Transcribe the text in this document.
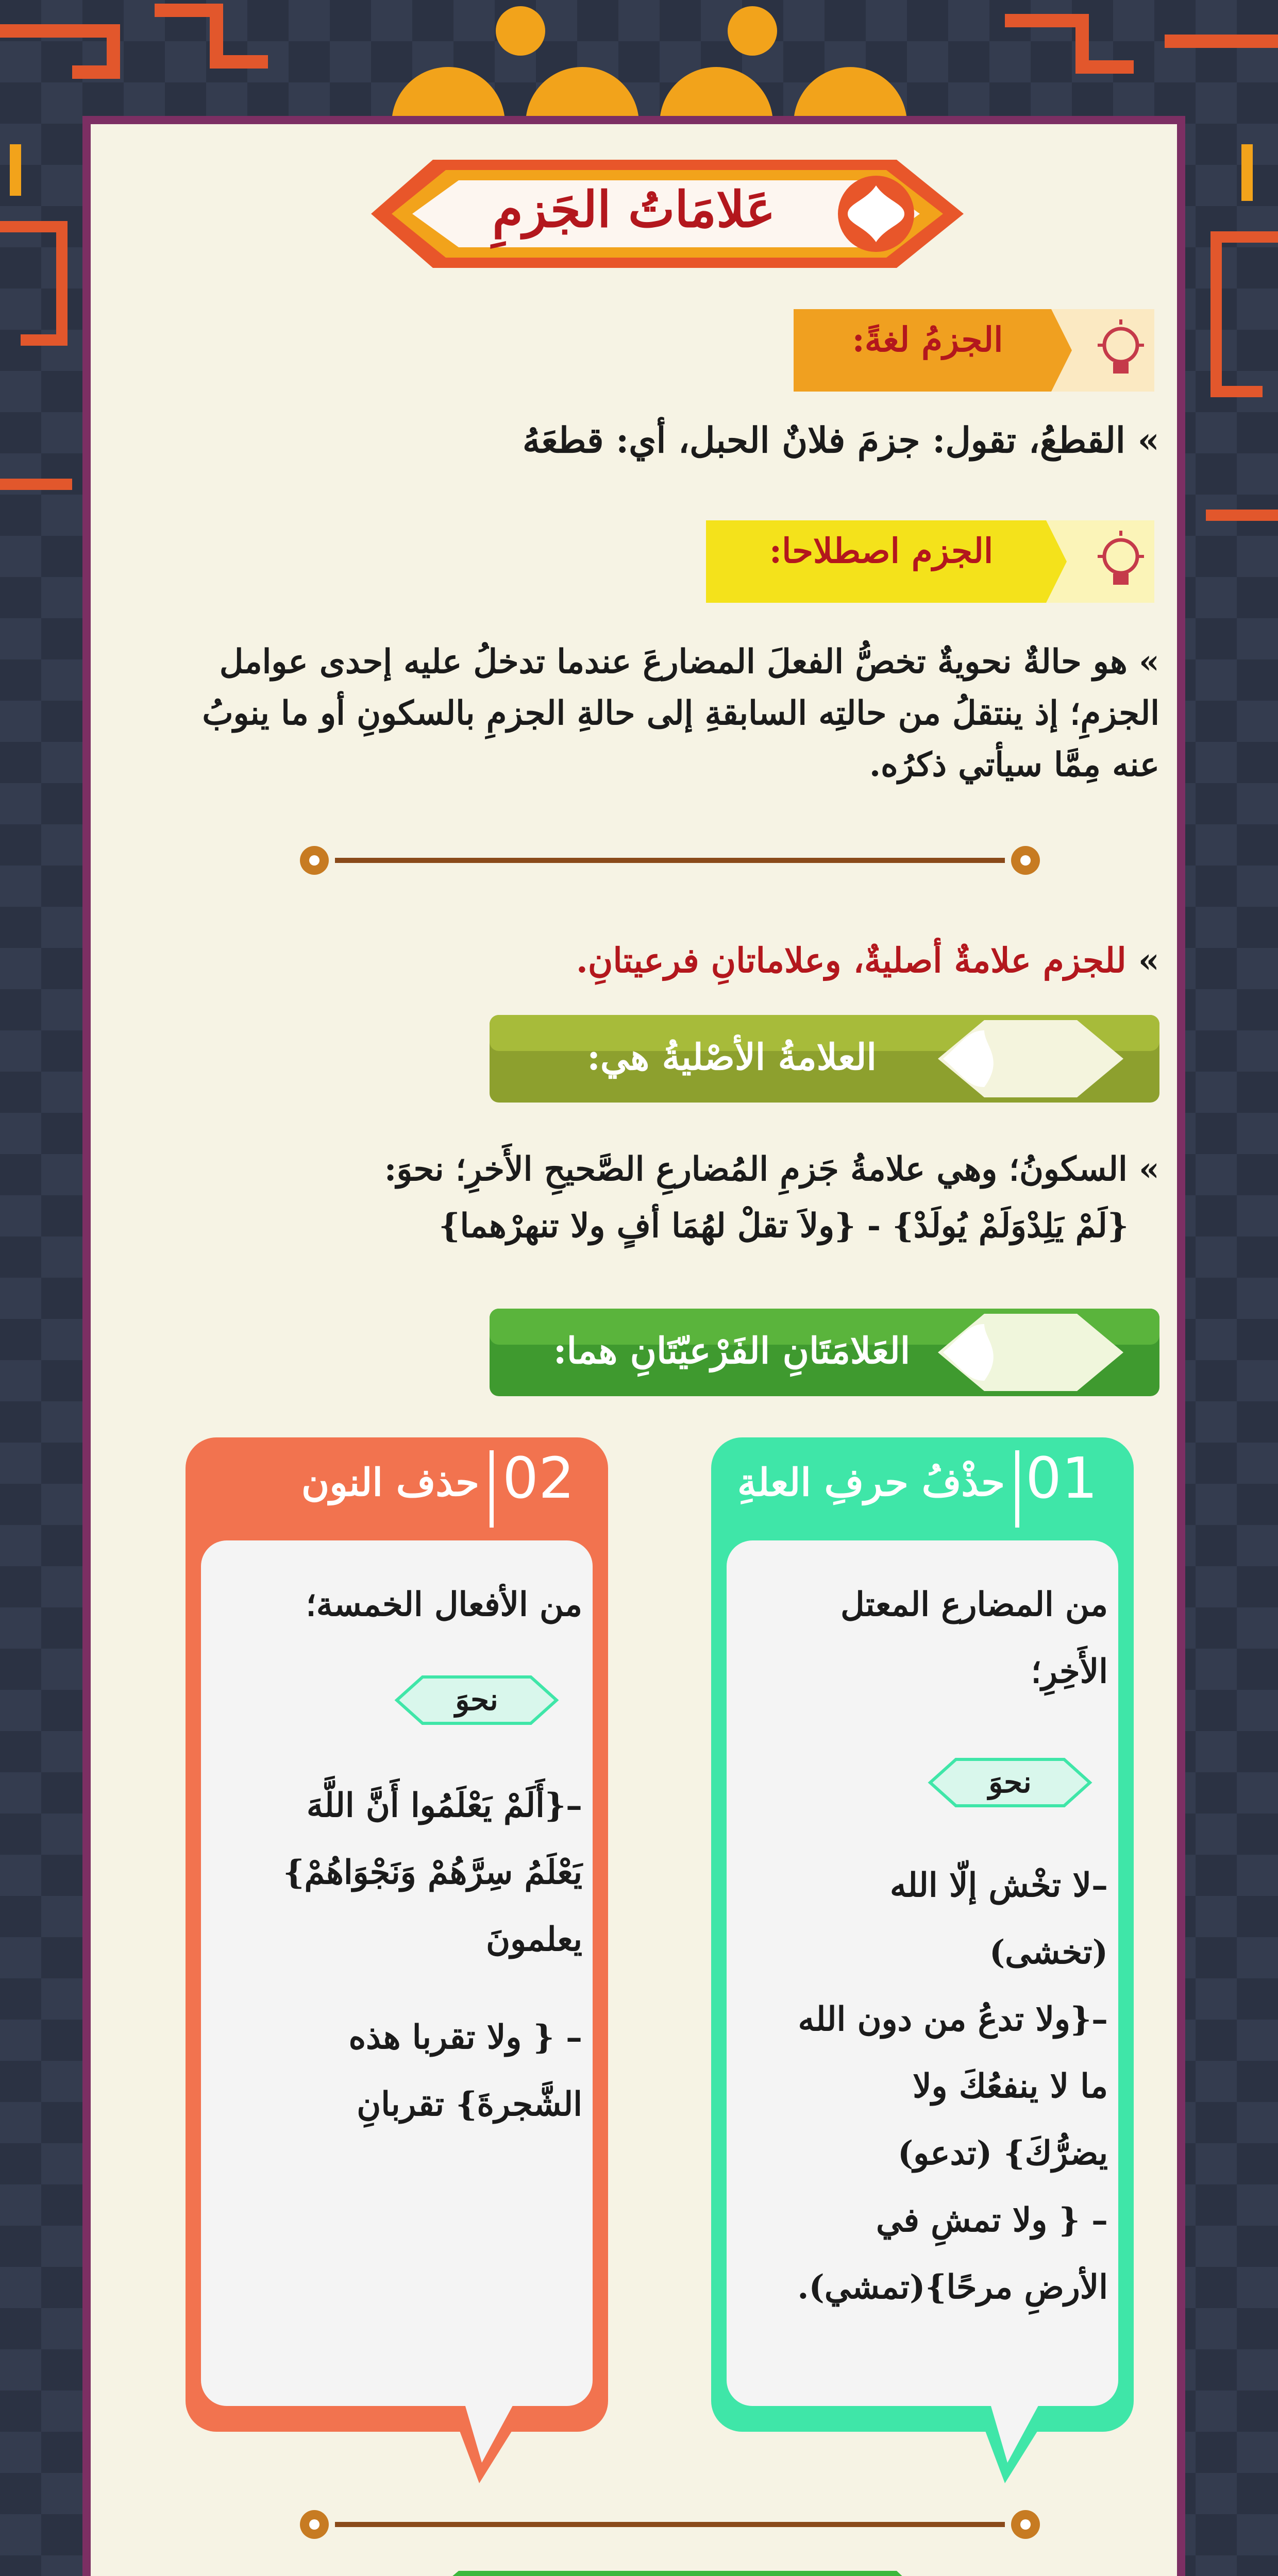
عَلامَاتُ الجَزمِ
الجزمُ لغةً:
» القطعُ، تقول: جزمَ فلانٌ الحبل، أي: قطعَهُ
الجزم اصطلاحا:
» هو حالةٌ نحويةٌ تخصُّ الفعلَ المضارعَ عندما تدخلُ عليه إحدى عوامل
الجزمِ؛ إذ ينتقلُ من حالتِه السابقةِ إلى حالةِ الجزمِ بالسكونِ أو ما ينوبُ
عنه مِمَّا سيأتي ذكرُه.
» للجزم علامةٌ أصليةٌ، وعلاماتانِ فرعيتانِ.
العلامةُ الأصْليةُ هي:
» السكونُ؛ وهي علامةُ جَزمِ المُضارعِ الصَّحيحِ الأَخرِ؛ نحوَ:
{لَمْ يَلِدْوَلَمْ يُولَدْ} - {ولاَ تقلْ لهُمَا أفٍ ولا تنهرْهما}
العَلامَتَانِ الفَرْعيّتَانِ هما:
01
حذْفُ حرفِ العلةِ
من المضارع المعتل
الأَخِرِ؛
نحوَ
–لا تخْش إلّا الله
(تخشى)
–{ولا تدعُ من دون الله
ما لا ينفعُكَ ولا
يضرُّكَ} (تدعو)
– { ولا تمشِ في
الأرضِ مرحًا}(تمشي).
02
حذف النون
من الأفعال الخمسة؛
نحوَ
–{أَلَمْ يَعْلَمُوا أَنَّ اللَّهَ
يَعْلَمُ سِرَّهُمْ وَنَجْوَاهُمْ}
يعلمونَ
– { ولا تقربا هذه
الشَّجرةَ} تقربانِ
